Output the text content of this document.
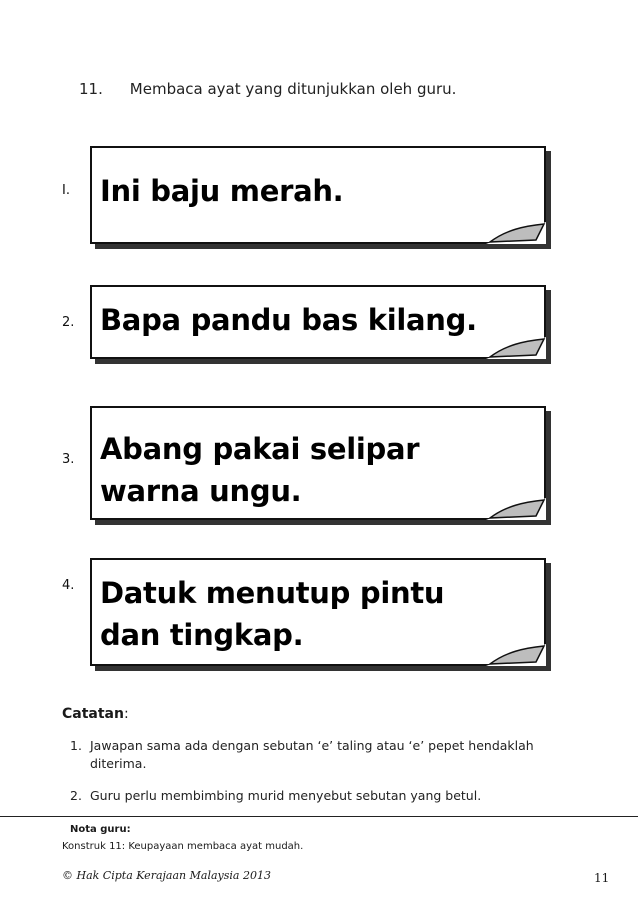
11. Membaca ayat yang ditunjukkan oleh guru.
I. Ini baju merah.
2. Bapa pandu bas kilang.
3. Abang pakai selipar warna ungu.
4. Datuk menutup pintu dan tingkap.
Catatan:
1. Jawapan sama ada dengan sebutan ‘e’ taling atau ‘e’ pepet hendaklah diterima.
2. Guru perlu membimbing murid menyebut sebutan yang betul.
Nota guru:
Konstruk 11: Keupayaan membaca ayat mudah.
© Hak Cipta Kerajaan Malaysia 2013	11
